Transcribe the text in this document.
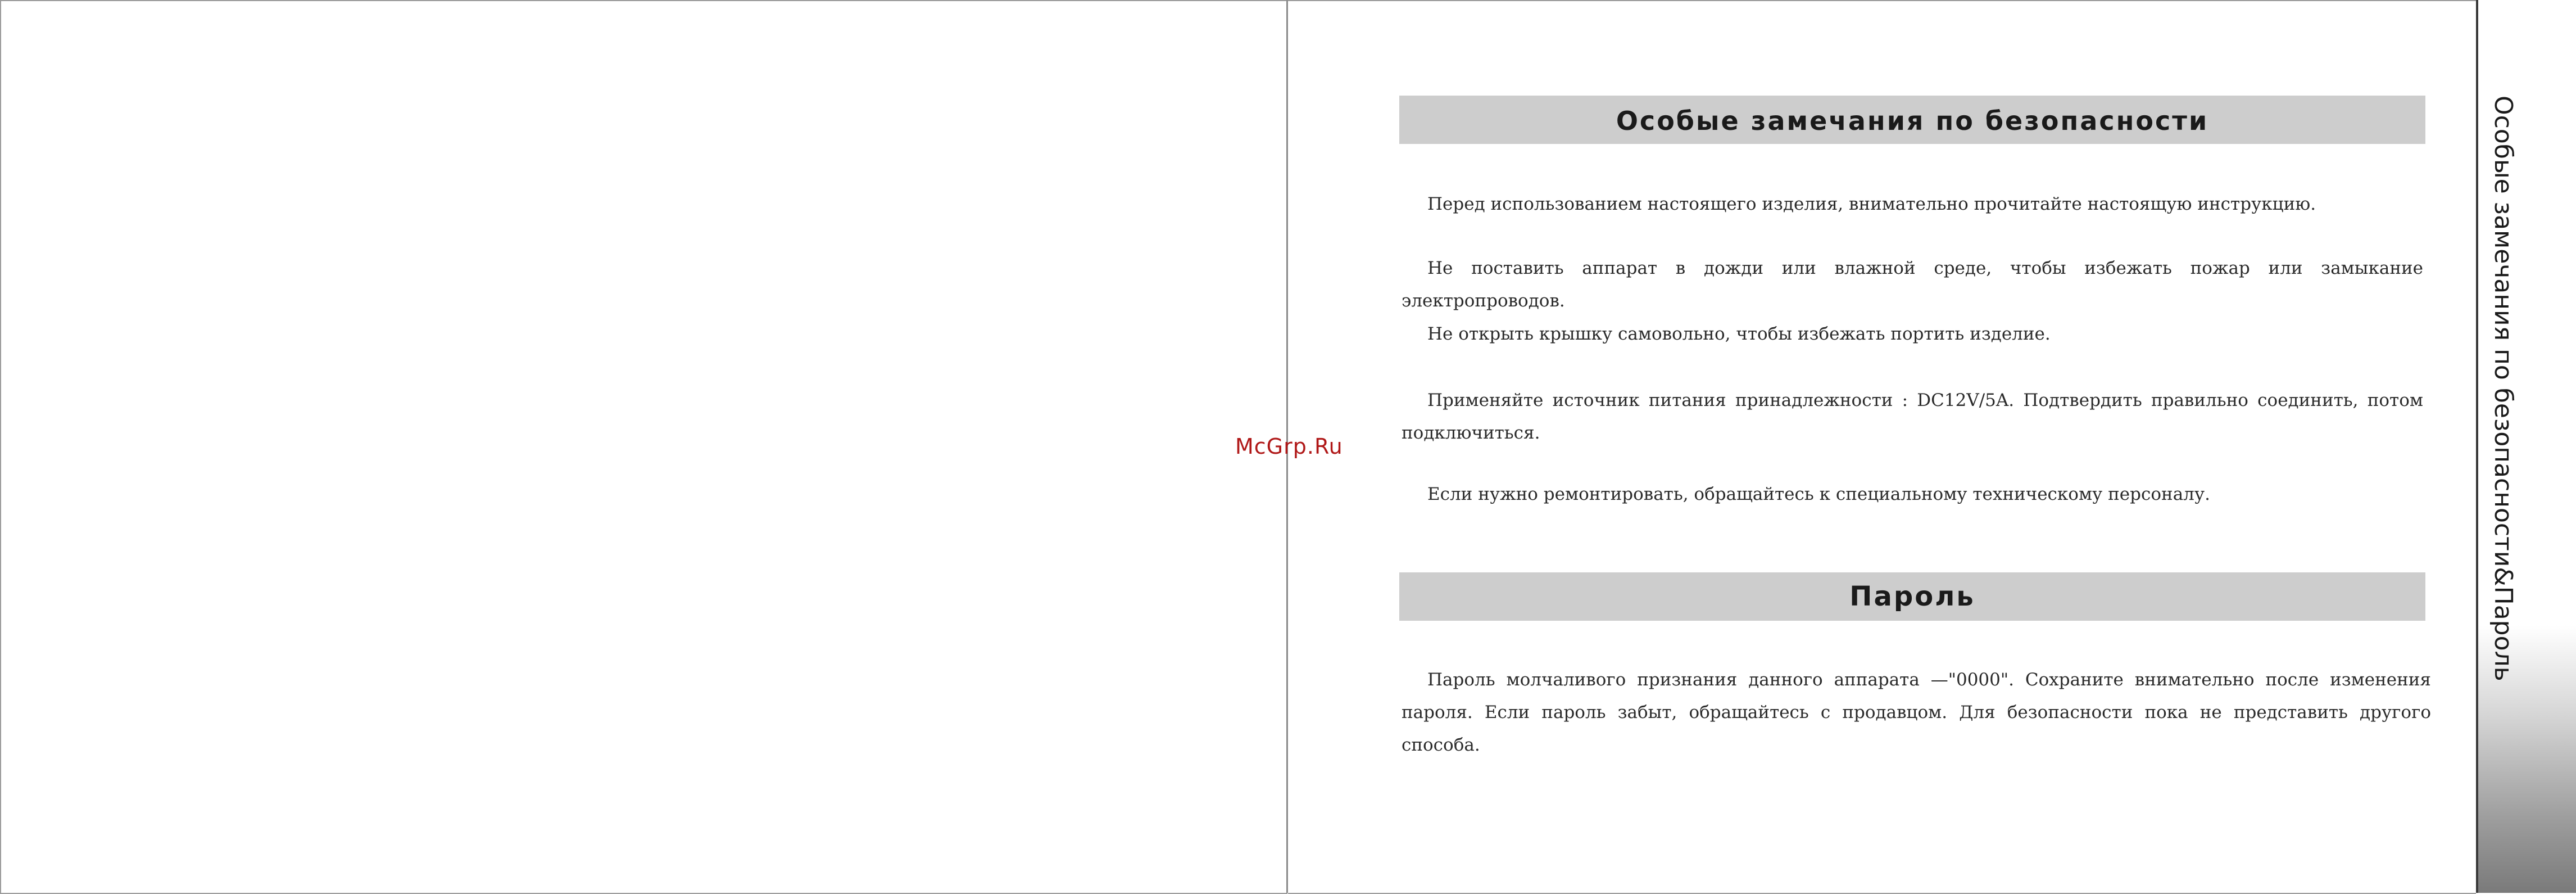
McGrp.Ru	Особые замечания по безопасности&Пароль
Особые замечания по безопасности

Перед использованием настоящего изделия, внимательно прочитайте настоящую инструкцию.

Не поставить аппарат в дожди или влажной среде, чтобы избежать пожар или замыкание электропроводов.

Не открыть крышку самовольно, чтобы избежать портить изделие.

Применяйте источник питания принадлежности : DC12V/5A. Подтвердить правильно соединить, потом подключиться.

Если нужно ремонтировать, обращайтесь к специальному техническому персоналу.

Пароль

Пароль молчаливого признания данного аппарата —"0000". Сохраните внимательно после изменения пароля. Если пароль забыт, обращайтесь с продавцом. Для безопасности пока не представить другого способа.
